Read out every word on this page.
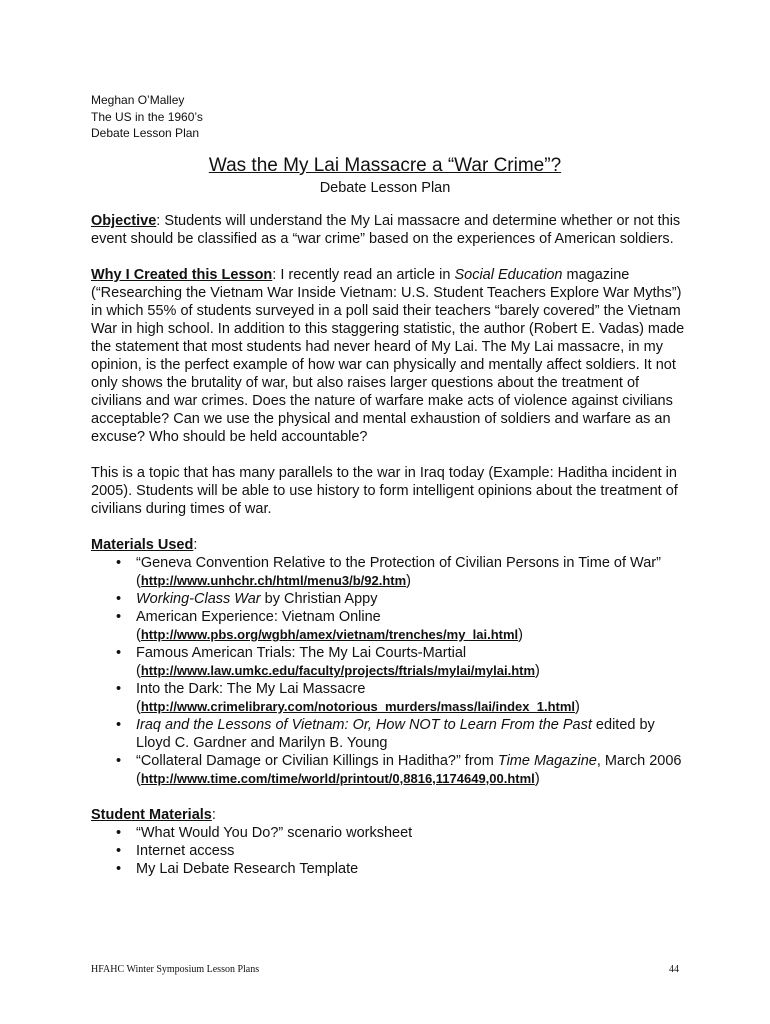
Meghan O’Malley
The US in the 1960’s
Debate Lesson Plan
Was the My Lai Massacre a “War Crime”?
Debate Lesson Plan

Objective: Students will understand the My Lai massacre and determine whether or not this event should be classified as a “war crime” based on the experiences of American soldiers.

Why I Created this Lesson: I recently read an article in Social Education magazine (“Researching the Vietnam War Inside Vietnam: U.S. Student Teachers Explore War Myths”) in which 55% of students surveyed in a poll said their teachers “barely covered” the Vietnam War in high school. In addition to this staggering statistic, the author (Robert E. Vadas) made the statement that most students had never heard of My Lai. The My Lai massacre, in my opinion, is the perfect example of how war can physically and mentally affect soldiers. It not only shows the brutality of war, but also raises larger questions about the treatment of civilians and war crimes. Does the nature of warfare make acts of violence against civilians acceptable? Can we use the physical and mental exhaustion of soldiers and warfare as an excuse? Who should be held accountable?

This is a topic that has many parallels to the war in Iraq today (Example: Haditha incident in 2005). Students will be able to use history to form intelligent opinions about the treatment of civilians during times of war.

Materials Used:
• “Geneva Convention Relative to the Protection of Civilian Persons in Time of War” (http://www.unhchr.ch/html/menu3/b/92.htm)
• Working-Class War by Christian Appy
• American Experience: Vietnam Online (http://www.pbs.org/wgbh/amex/vietnam/trenches/my_lai.html)
• Famous American Trials: The My Lai Courts-Martial (http://www.law.umkc.edu/faculty/projects/ftrials/mylai/mylai.htm)
• Into the Dark: The My Lai Massacre (http://www.crimelibrary.com/notorious_murders/mass/lai/index_1.html)
• Iraq and the Lessons of Vietnam: Or, How NOT to Learn From the Past edited by Lloyd C. Gardner and Marilyn B. Young
• “Collateral Damage or Civilian Killings in Haditha?” from Time Magazine, March 2006 (http://www.time.com/time/world/printout/0,8816,1174649,00.html)
Student Materials:
• “What Would You Do?” scenario worksheet
• Internet access
• My Lai Debate Research Template
HFAHC Winter Symposium Lesson Plans	44
